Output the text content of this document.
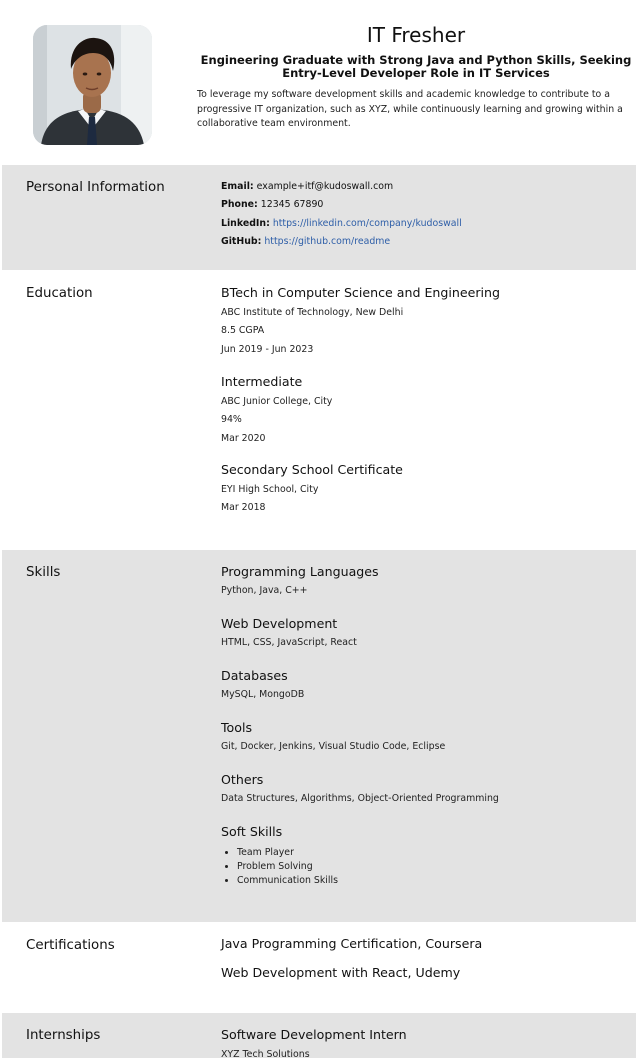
IT Fresher
Engineering Graduate with Strong Java and Python Skills, Seeking Entry-Level Developer Role in IT Services
To leverage my software development skills and academic knowledge to contribute to a progressive IT organization, such as XYZ, while continuously learning and growing within a collaborative team environment.
Personal Information	Email: example+itf@kudoswall.com
Phone: 12345 67890
LinkedIn: https://linkedin.com/company/kudoswall
GitHub: https://github.com/readme
Education	BTech in Computer Science and Engineering
ABC Institute of Technology, New Delhi
8.5 CGPA
Jun 2019 - Jun 2023
Intermediate
ABC Junior College, City
94%
Mar 2020
Secondary School Certificate
EYI High School, City
Mar 2018
Skills	Programming Languages
Python, Java, C++
Web Development
HTML, CSS, JavaScript, React
Databases
MySQL, MongoDB
Tools
Git, Docker, Jenkins, Visual Studio Code, Eclipse
Others
Data Structures, Algorithms, Object-Oriented Programming
Soft Skills
• Team Player
• Problem Solving
• Communication Skills
Certifications	Java Programming Certification, Coursera
Web Development with React, Udemy
Internships	Software Development Intern
XYZ Tech Solutions
